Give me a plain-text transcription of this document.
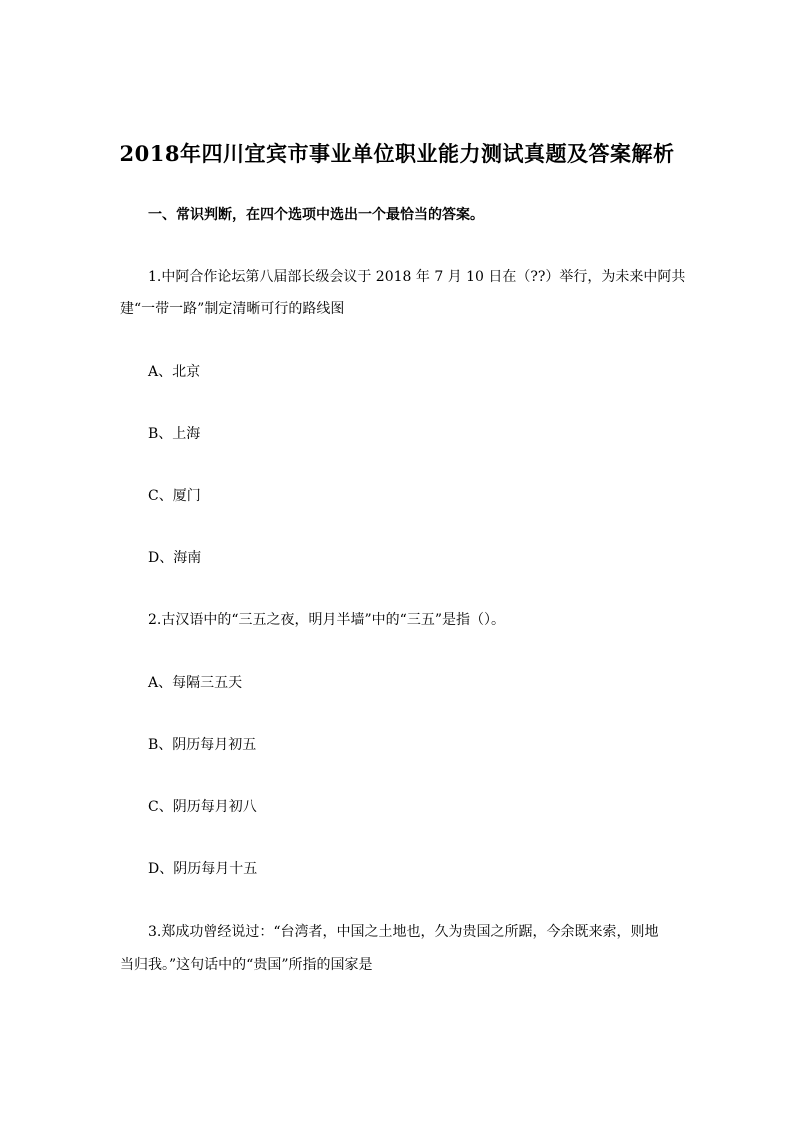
2018年四川宜宾市事业单位职业能力测试真题及答案解析
一、常识判断，在四个选项中选出一个最恰当的答案。
1.中阿合作论坛第八届部长级会议于 2018 年 7 月 10 日在（??）举行，为未来中阿共
建“一带一路”制定清晰可行的路线图
A、北京
B、上海
C、厦门
D、海南
2.古汉语中的“三五之夜，明月半墙”中的“三五”是指（）。
A、每隔三五天
B、阴历每月初五
C、阴历每月初八
D、阴历每月十五
3.郑成功曾经说过：“台湾者，中国之土地也，久为贵国之所踞，今余既来索，则地
当归我。”这句话中的“贵国”所指的国家是
